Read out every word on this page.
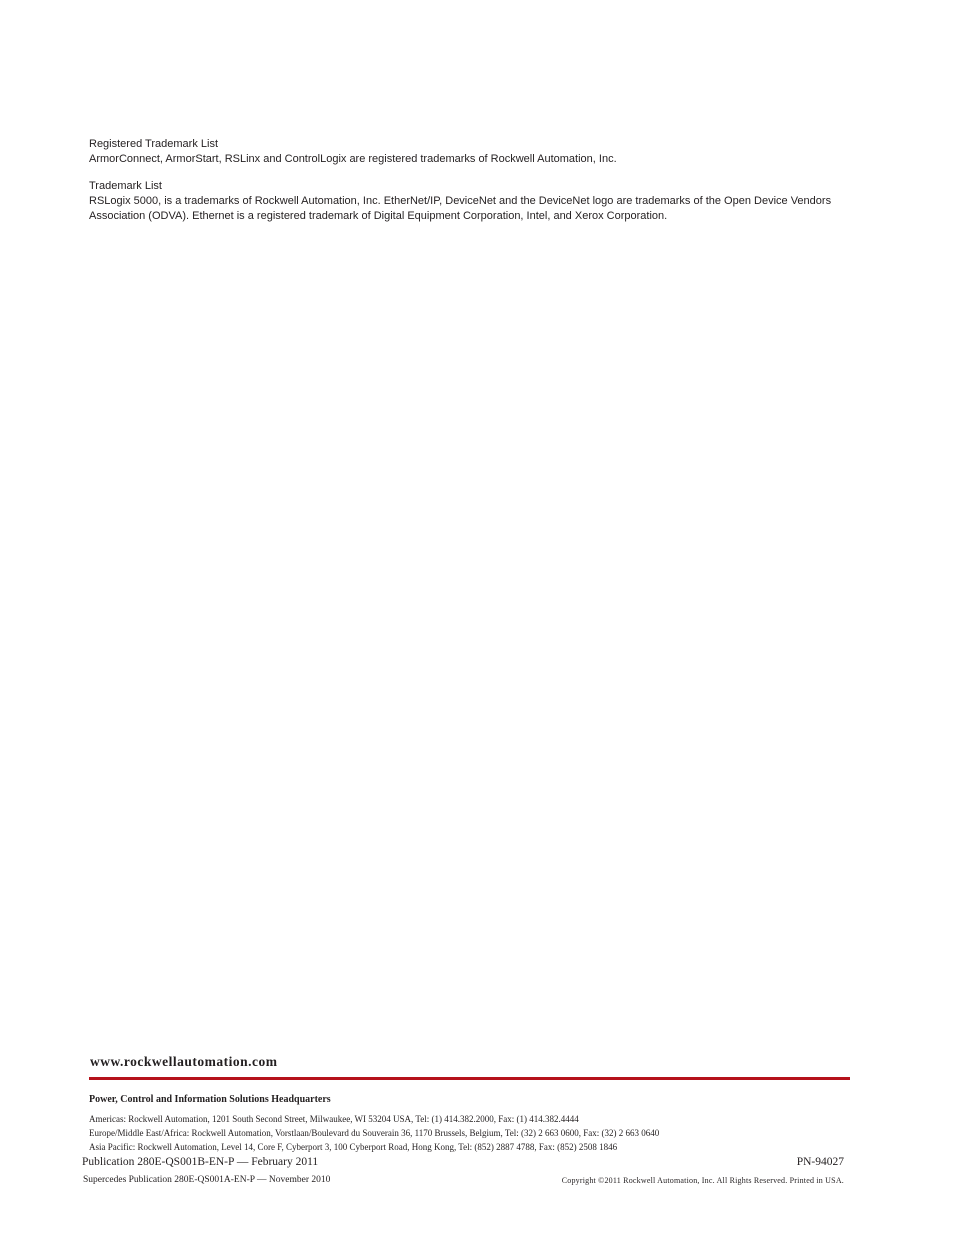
Registered Trademark List

ArmorConnect, ArmorStart, RSLinx and ControlLogix are registered trademarks of Rockwell Automation, Inc.

Trademark List

RSLogix 5000, is a trademarks of Rockwell Automation, Inc. EtherNet/IP, DeviceNet and the DeviceNet logo are trademarks of the Open Device Vendors Association (ODVA). Ethernet is a registered trademark of Digital Equipment Corporation, Intel, and Xerox Corporation.

www.rockwellautomation.com
Power, Control and Information Solutions Headquarters
Americas: Rockwell Automation, 1201 South Second Street, Milwaukee, WI 53204 USA, Tel: (1) 414.382.2000, Fax: (1) 414.382.4444
Europe/Middle East/Africa: Rockwell Automation, Vorstlaan/Boulevard du Souverain 36, 1170 Brussels, Belgium, Tel: (32) 2 663 0600, Fax: (32) 2 663 0640
Asia Pacific: Rockwell Automation, Level 14, Core F, Cyberport 3, 100 Cyberport Road, Hong Kong, Tel: (852) 2887 4788, Fax: (852) 2508 1846
Publication 280E-QS001B-EN-P — February 2011	PN-94027
Supercedes Publication 280E-QS001A-EN-P — November 2010	Copyright ©2011 Rockwell Automation, Inc. All Rights Reserved. Printed in USA.
